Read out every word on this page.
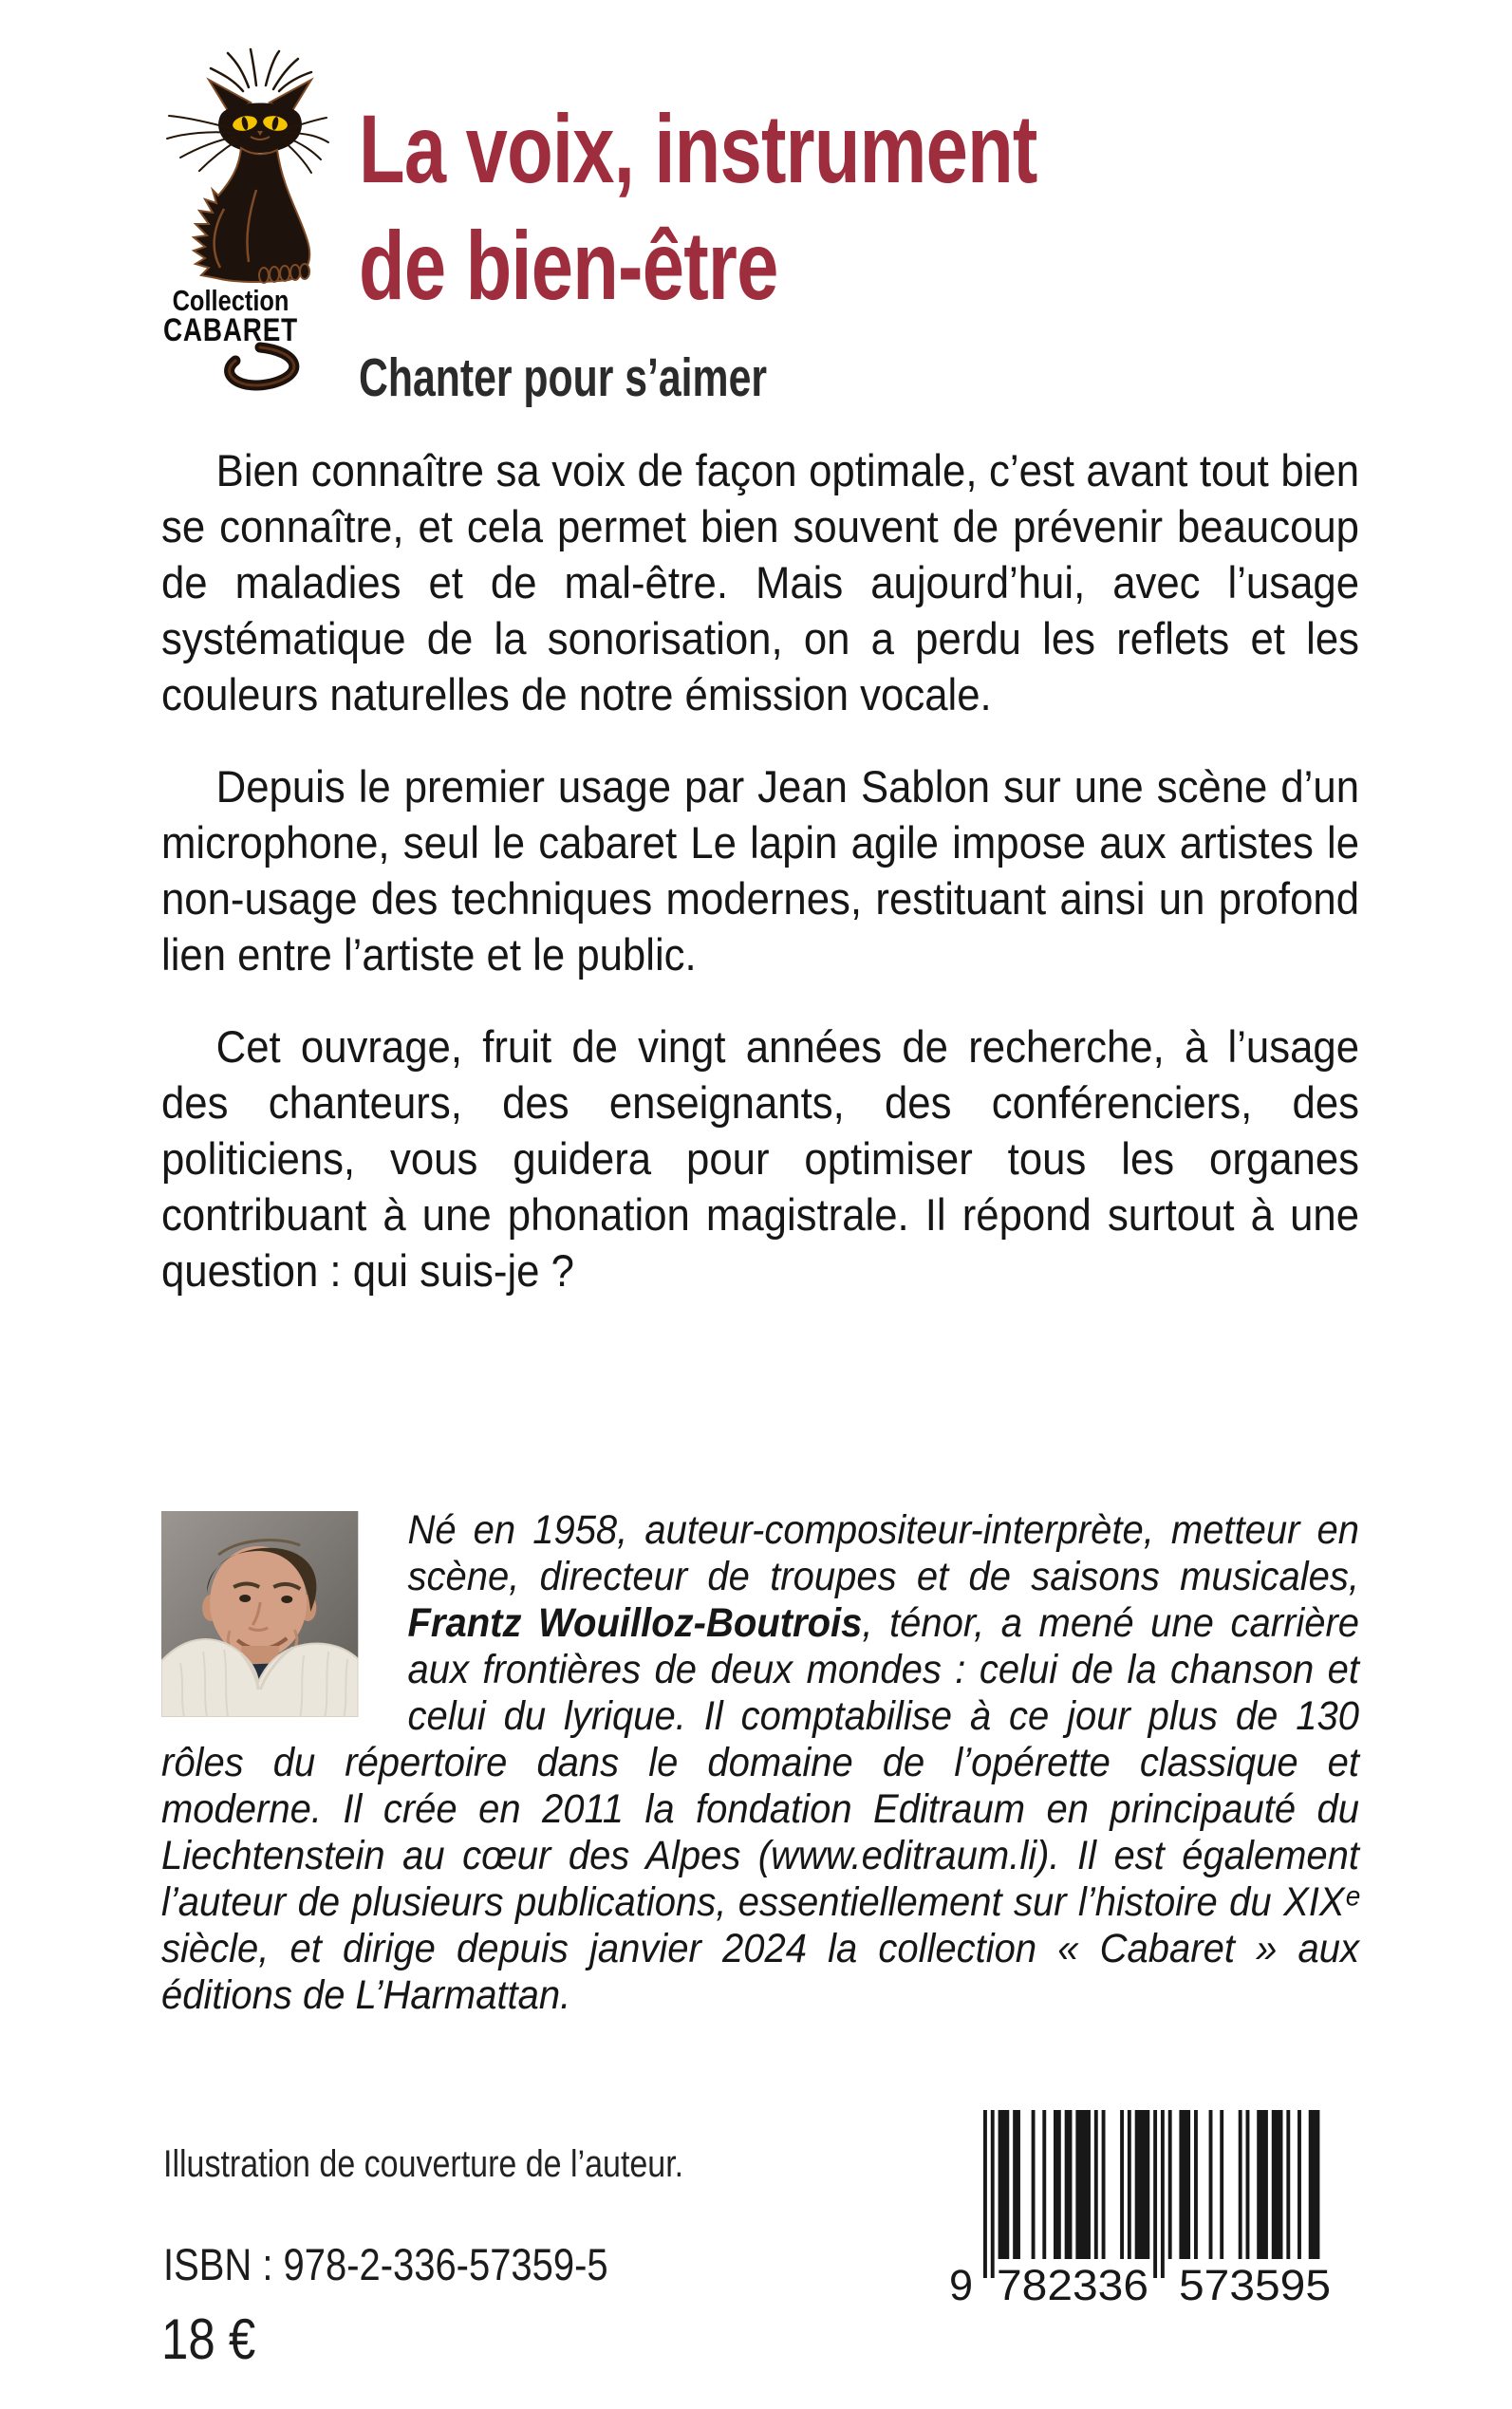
Collection
CABARET
La voix, instrument
de bien-être
Chanter pour s’aimer

Bien connaître sa voix de façon optimale, c’est avant tout bien se connaître, et cela permet bien souvent de prévenir beaucoup de maladies et de mal-être. Mais aujourd’hui, avec l’usage systématique de la sonorisation, on a perdu les reflets et les couleurs naturelles de notre émission vocale.

Depuis le premier usage par Jean Sablon sur une scène d’un microphone, seul le cabaret Le lapin agile impose aux artistes le non-usage des techniques modernes, restituant ainsi un profond lien entre l’artiste et le public.

Cet ouvrage, fruit de vingt années de recherche, à l’usage des chanteurs, des enseignants, des conférenciers, des politiciens, vous guidera pour optimiser tous les organes contribuant à une phonation magistrale. Il répond surtout à une question : qui suis-je ?

Né en 1958, auteur-compositeur-interprète, metteur en scène, directeur de troupes et de saisons musicales, Frantz Wouilloz-Boutrois, ténor, a mené une carrière aux frontières de deux mondes : celui de la chanson et celui du lyrique. Il comptabilise à ce jour plus de 130 rôles du répertoire dans le domaine de l’opérette classique et moderne. Il crée en 2011 la fondation Editraum en principauté du Liechtenstein au cœur des Alpes (www.editraum.li). Il est également l’auteur de plusieurs publications, essentiellement sur l’histoire du XIXᵉ siècle, et dirige depuis janvier 2024 la collection « Cabaret » aux éditions de L’Harmattan.
Illustration de couverture de l’auteur.
ISBN : 978-2-336-57359-5
18 €
9 782336 573595
